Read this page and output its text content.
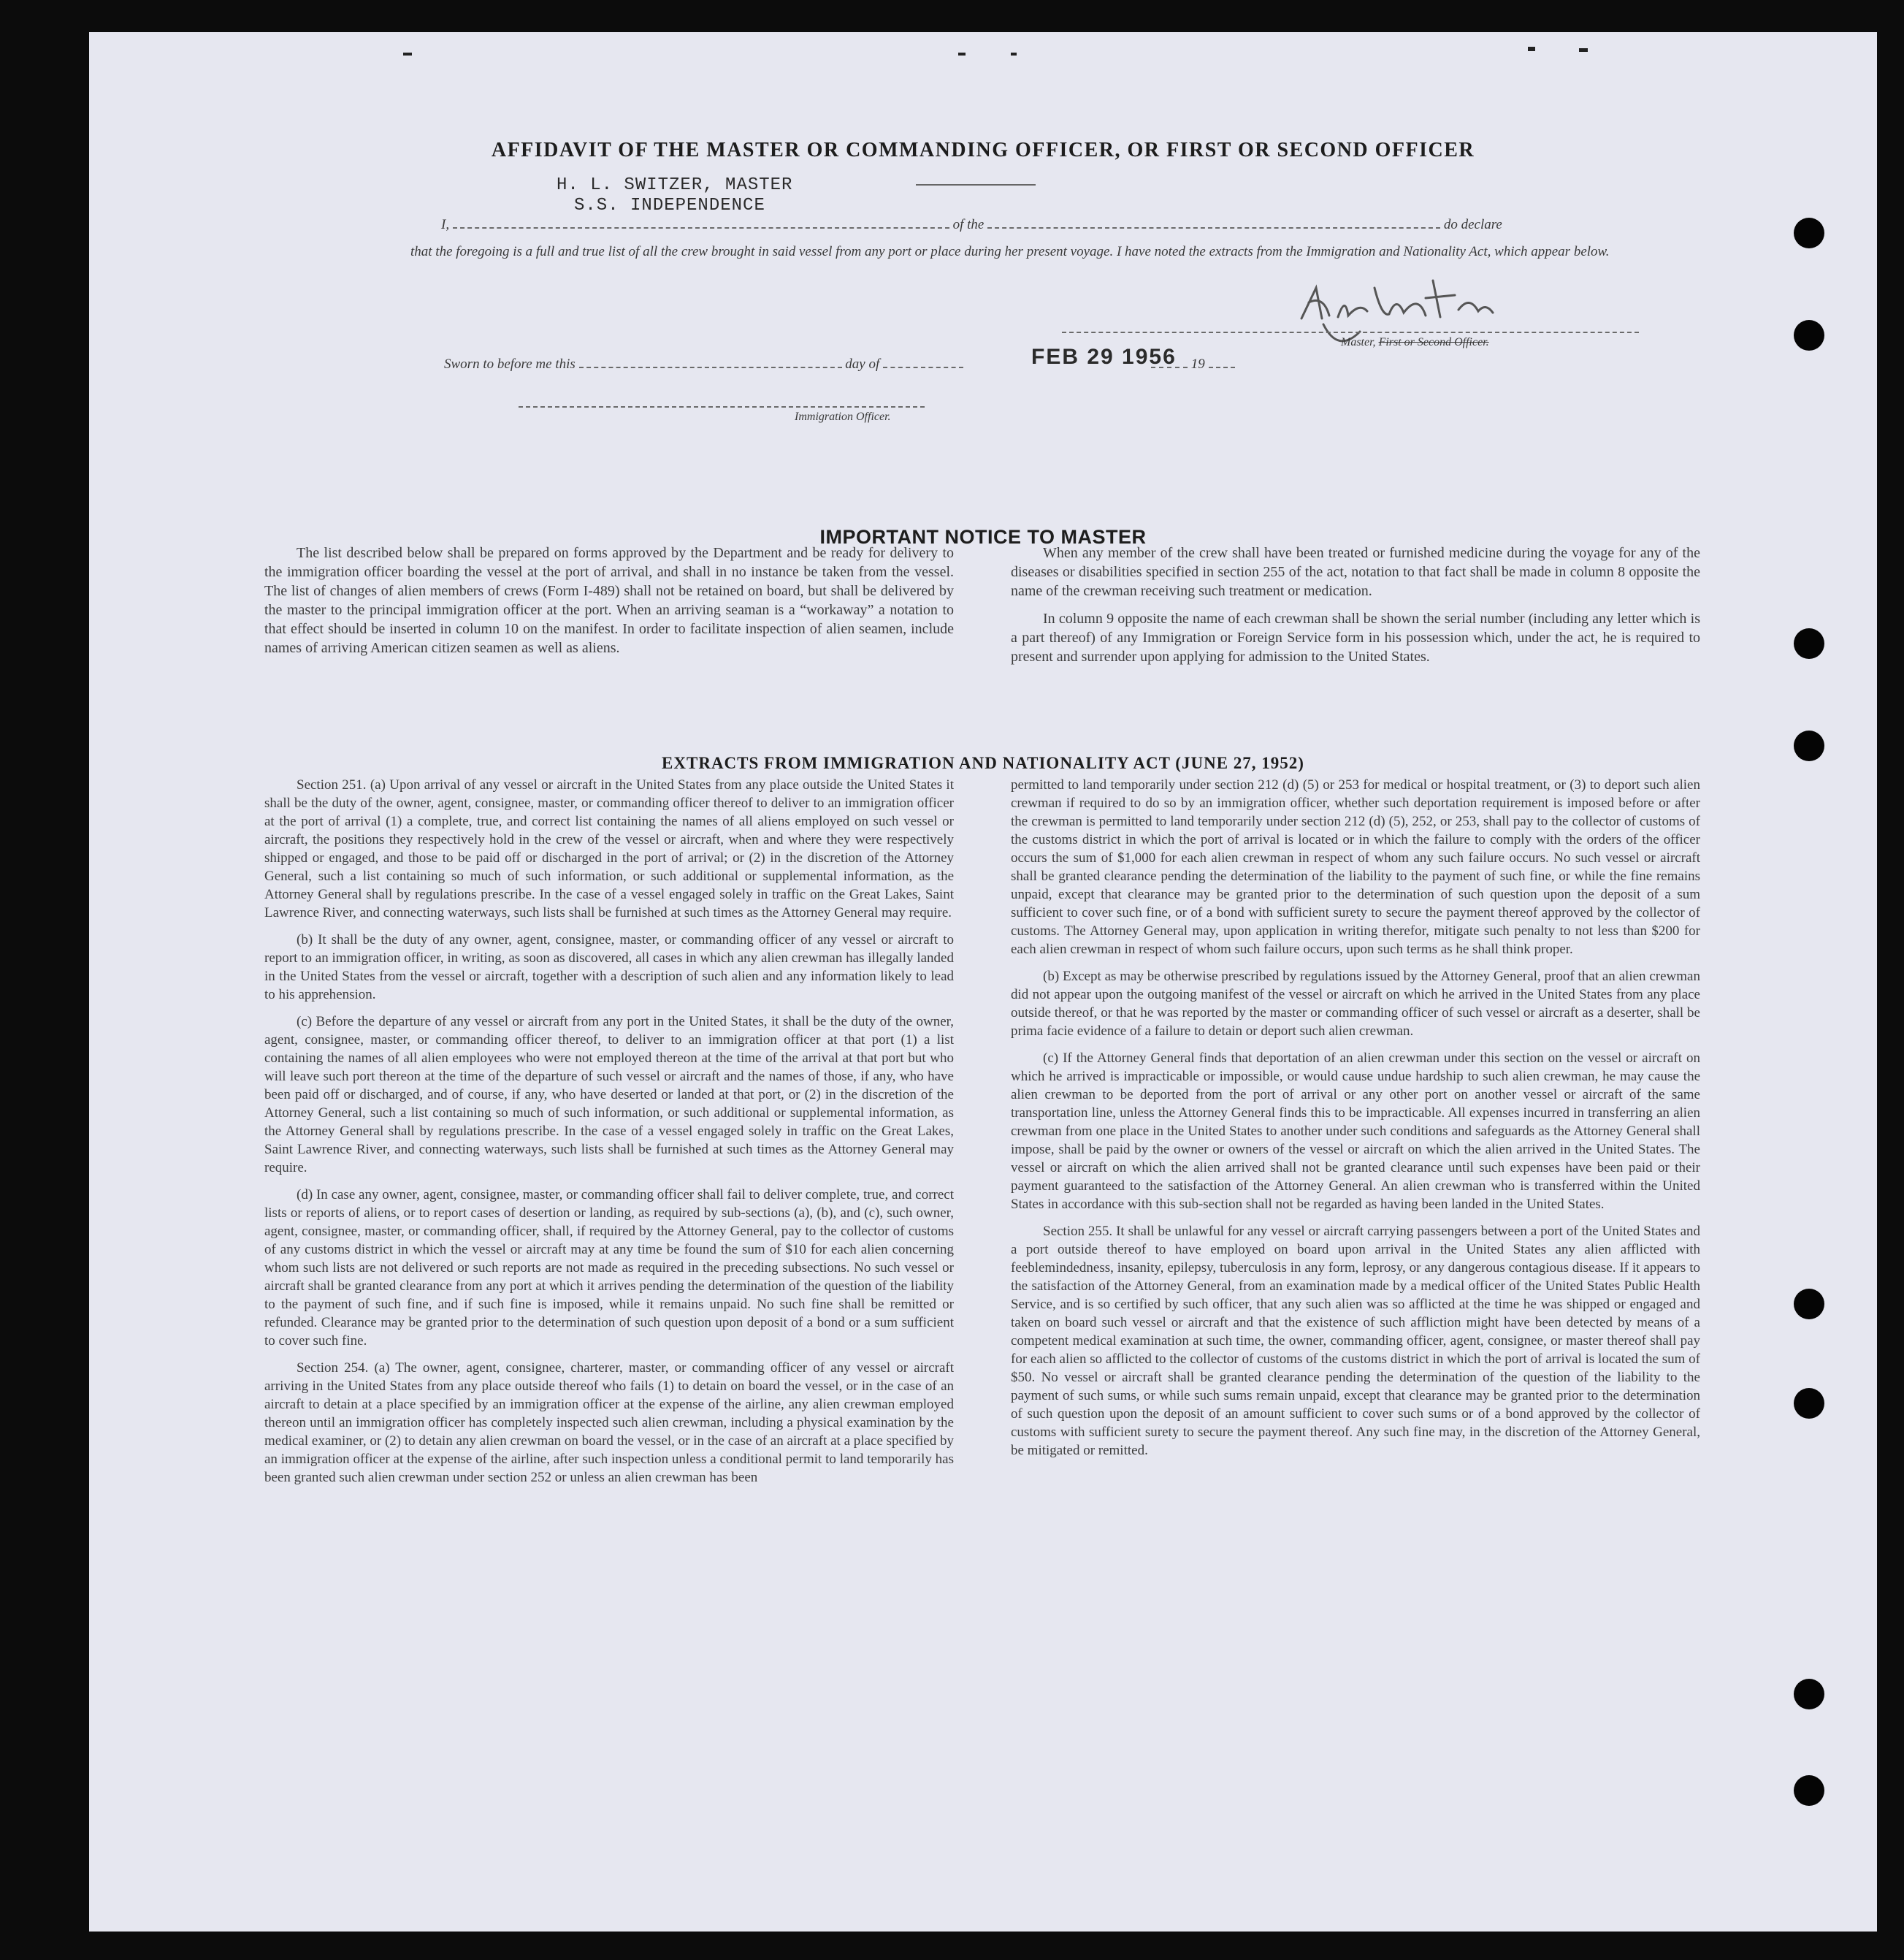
AFFIDAVIT OF THE MASTER OR COMMANDING OFFICER, OR FIRST OR SECOND OFFICER
H. L. SWITZER, MASTER
S.S. INDEPENDENCE
I,	of the	do declare
that the foregoing is a full and true list of all the crew brought in said vessel from any port or place during her present voyage. I have noted the extracts from the Immigration and Nationality Act, which appear below.
Master, First or Second Officer.
Sworn to before me this	day of	FEB 29 1956	19
Immigration Officer.
IMPORTANT NOTICE TO MASTER

The list described below shall be prepared on forms approved by the Department and be ready for delivery to the immigration officer boarding the vessel at the port of arrival, and shall in no instance be taken from the vessel. The list of changes of alien members of crews (Form I-489) shall not be retained on board, but shall be delivered by the master to the principal immigration officer at the port. When an arriving seaman is a “workaway” a notation to that effect should be inserted in column 10 on the manifest. In order to facilitate inspection of alien seamen, include names of arriving American citizen seamen as well as aliens.

When any member of the crew shall have been treated or furnished medicine during the voyage for any of the diseases or disabilities specified in section 255 of the act, notation to that fact shall be made in column 8 opposite the name of the crewman receiving such treatment or medication.

In column 9 opposite the name of each crewman shall be shown the serial number (including any letter which is a part thereof) of any Immigration or Foreign Service form in his possession which, under the act, he is required to present and surrender upon applying for admission to the United States.

EXTRACTS FROM IMMIGRATION AND NATIONALITY ACT (JUNE 27, 1952)

Section 251. (a) Upon arrival of any vessel or aircraft in the United States from any place outside the United States it shall be the duty of the owner, agent, consignee, master, or commanding officer thereof to deliver to an immigration officer at the port of arrival (1) a complete, true, and correct list containing the names of all aliens employed on such vessel or aircraft, the positions they respectively hold in the crew of the vessel or aircraft, when and where they were respectively shipped or engaged, and those to be paid off or discharged in the port of arrival; or (2) in the discretion of the Attorney General, such a list containing so much of such information, or such additional or supplemental information, as the Attorney General shall by regulations prescribe. In the case of a vessel engaged solely in traffic on the Great Lakes, Saint Lawrence River, and connecting waterways, such lists shall be furnished at such times as the Attorney General may require.

(b) It shall be the duty of any owner, agent, consignee, master, or commanding officer of any vessel or aircraft to report to an immigration officer, in writing, as soon as discovered, all cases in which any alien crewman has illegally landed in the United States from the vessel or aircraft, together with a description of such alien and any information likely to lead to his apprehension.

(c) Before the departure of any vessel or aircraft from any port in the United States, it shall be the duty of the owner, agent, consignee, master, or commanding officer thereof, to deliver to an immigration officer at that port (1) a list containing the names of all alien employees who were not employed thereon at the time of the arrival at that port but who will leave such port thereon at the time of the departure of such vessel or aircraft and the names of those, if any, who have been paid off or discharged, and of course, if any, who have deserted or landed at that port, or (2) in the discretion of the Attorney General, such a list containing so much of such information, or such additional or supplemental information, as the Attorney General shall by regulations prescribe. In the case of a vessel engaged solely in traffic on the Great Lakes, Saint Lawrence River, and connecting waterways, such lists shall be furnished at such times as the Attorney General may require.

(d) In case any owner, agent, consignee, master, or commanding officer shall fail to deliver complete, true, and correct lists or reports of aliens, or to report cases of desertion or landing, as required by sub-sections (a), (b), and (c), such owner, agent, consignee, master, or commanding officer, shall, if required by the Attorney General, pay to the collector of customs of any customs district in which the vessel or aircraft may at any time be found the sum of $10 for each alien concerning whom such lists are not delivered or such reports are not made as required in the preceding subsections. No such vessel or aircraft shall be granted clearance from any port at which it arrives pending the determination of the question of the liability to the payment of such fine, and if such fine is imposed, while it remains unpaid. No such fine shall be remitted or refunded. Clearance may be granted prior to the determination of such question upon deposit of a bond or a sum sufficient to cover such fine.

Section 254. (a) The owner, agent, consignee, charterer, master, or commanding officer of any vessel or aircraft arriving in the United States from any place outside thereof who fails (1) to detain on board the vessel, or in the case of an aircraft to detain at a place specified by an immigration officer at the expense of the airline, any alien crewman employed thereon until an immigration officer has completely inspected such alien crewman, including a physical examination by the medical examiner, or (2) to detain any alien crewman on board the vessel, or in the case of an aircraft at a place specified by an immigration officer at the expense of the airline, after such inspection unless a conditional permit to land temporarily has been granted such alien crewman under section 252 or unless an alien crewman has been

permitted to land temporarily under section 212 (d) (5) or 253 for medical or hospital treatment, or (3) to deport such alien crewman if required to do so by an immigration officer, whether such deportation requirement is imposed before or after the crewman is permitted to land temporarily under section 212 (d) (5), 252, or 253, shall pay to the collector of customs of the customs district in which the port of arrival is located or in which the failure to comply with the orders of the officer occurs the sum of $1,000 for each alien crewman in respect of whom any such failure occurs. No such vessel or aircraft shall be granted clearance pending the determination of the liability to the payment of such fine, or while the fine remains unpaid, except that clearance may be granted prior to the determination of such question upon the deposit of a sum sufficient to cover such fine, or of a bond with sufficient surety to secure the payment thereof approved by the collector of customs. The Attorney General may, upon application in writing therefor, mitigate such penalty to not less than $200 for each alien crewman in respect of whom such failure occurs, upon such terms as he shall think proper.

(b) Except as may be otherwise prescribed by regulations issued by the Attorney General, proof that an alien crewman did not appear upon the outgoing manifest of the vessel or aircraft on which he arrived in the United States from any place outside thereof, or that he was reported by the master or commanding officer of such vessel or aircraft as a deserter, shall be prima facie evidence of a failure to detain or deport such alien crewman.

(c) If the Attorney General finds that deportation of an alien crewman under this section on the vessel or aircraft on which he arrived is impracticable or impossible, or would cause undue hardship to such alien crewman, he may cause the alien crewman to be deported from the port of arrival or any other port on another vessel or aircraft of the same transportation line, unless the Attorney General finds this to be impracticable. All expenses incurred in transferring an alien crewman from one place in the United States to another under such conditions and safeguards as the Attorney General shall impose, shall be paid by the owner or owners of the vessel or aircraft on which the alien arrived in the United States. The vessel or aircraft on which the alien arrived shall not be granted clearance until such expenses have been paid or their payment guaranteed to the satisfaction of the Attorney General. An alien crewman who is transferred within the United States in accordance with this sub-section shall not be regarded as having been landed in the United States.

Section 255. It shall be unlawful for any vessel or aircraft carrying passengers between a port of the United States and a port outside thereof to have employed on board upon arrival in the United States any alien afflicted with feeblemindedness, insanity, epilepsy, tuberculosis in any form, leprosy, or any dangerous contagious disease. If it appears to the satisfaction of the Attorney General, from an examination made by a medical officer of the United States Public Health Service, and is so certified by such officer, that any such alien was so afflicted at the time he was shipped or engaged and taken on board such vessel or aircraft and that the existence of such affliction might have been detected by means of a competent medical examination at such time, the owner, commanding officer, agent, consignee, or master thereof shall pay for each alien so afflicted to the collector of customs of the customs district in which the port of arrival is located the sum of $50. No vessel or aircraft shall be granted clearance pending the determination of the question of the liability to the payment of such sums, or while such sums remain unpaid, except that clearance may be granted prior to the determination of such question upon the deposit of an amount sufficient to cover such sums or of a bond approved by the collector of customs with sufficient surety to secure the payment thereof. Any such fine may, in the discretion of the Attorney General, be mitigated or remitted.
